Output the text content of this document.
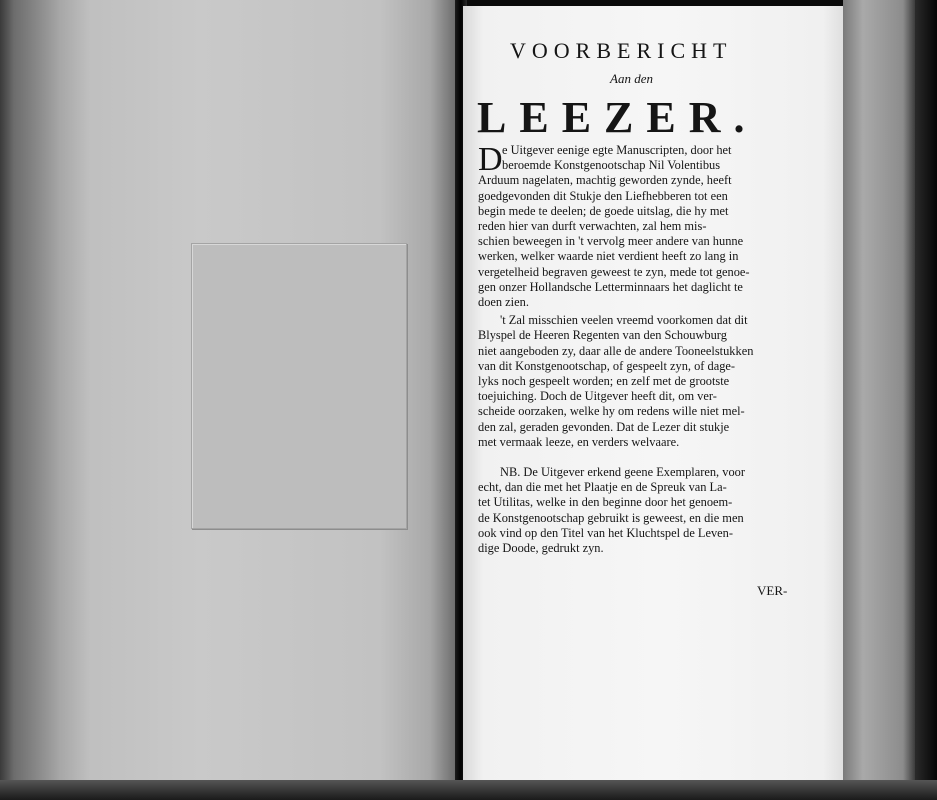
VOORBERICHT
Aan den
LEEZER.
D e Uitgever eenige egte Manuscripten, door het
beroemde Konstgenootschap Nil Volentibus
Arduum nagelaten, machtig geworden zynde, heeft
goedgevonden dit Stukje den Liefhebberen tot een
begin mede te deelen; de goede uitslag, die hy met
reden hier van durft verwachten, zal hem mis-
schien beweegen in 't vervolg meer andere van hunne
werken, welker waarde niet verdient heeft zo lang in
vergetelheid begraven geweest te zyn, mede tot genoe-
gen onzer Hollandsche Letterminnaars het daglicht te
doen zien.
't Zal misschien veelen vreemd voorkomen dat dit
Blyspel de Heeren Regenten van den Schouwburg
niet aangeboden zy, daar alle de andere Tooneelstukken
van dit Konstgenootschap, of gespeelt zyn, of dage-
lyks noch gespeelt worden; en zelf met de grootste
toejuiching. Doch de Uitgever heeft dit, om ver-
scheide oorzaken, welke hy om redens wille niet mel-
den zal, geraden gevonden. Dat de Lezer dit stukje
met vermaak leeze, en verders welvaare.
NB. De Uitgever erkend geene Exemplaren, voor
echt, dan die met het Plaatje en de Spreuk van La-
tet Utilitas, welke in den beginne door het genoem-
de Konstgenootschap gebruikt is geweest, en die men
ook vind op den Titel van het Kluchtspel de Leven-
dige Doode, gedrukt zyn.
VER-
